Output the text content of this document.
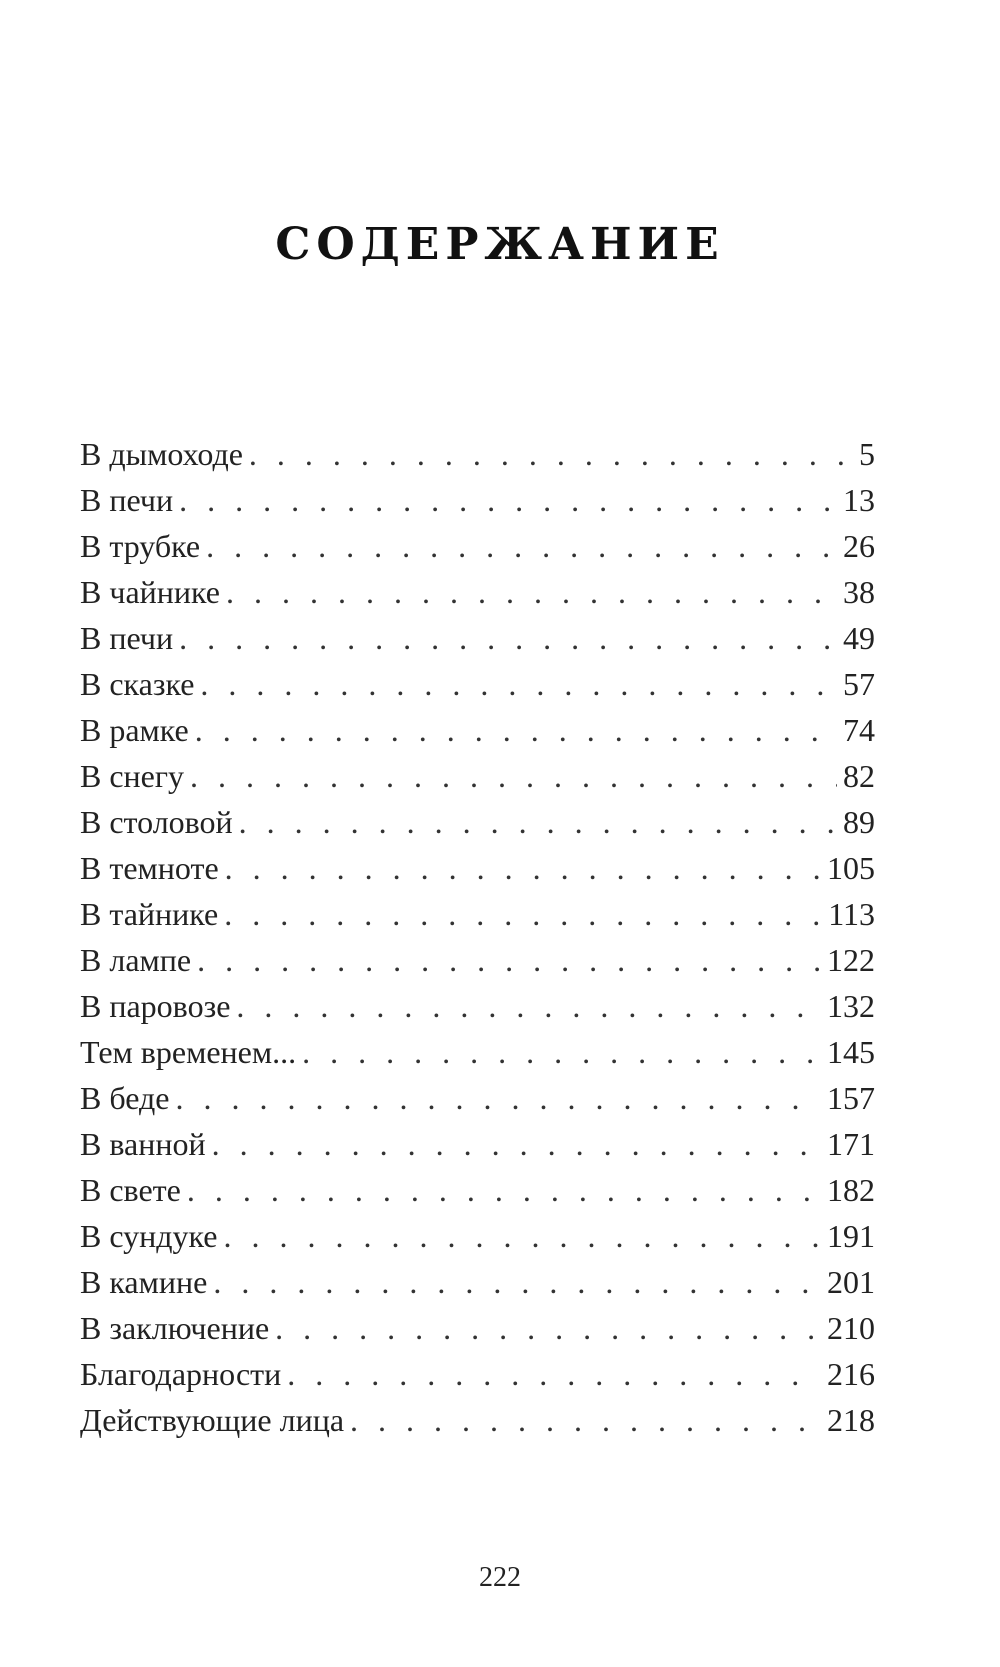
СОДЕРЖАНИЕ
В дымоходе . . .	5
В печи . . .	13
В трубке . . .	26
В чайнике . . .	38
В печи . . .	49
В сказке . . .	57
В рамке . . .	74
В снегу . . .	82
В столовой . . .	89
В темноте . . .	105
В тайнике . . .	113
В лампе . . .	122
В паровозе . . .	132
Тем временем... . . .	145
В беде . . .	157
В ванной . . .	171
В свете . . .	182
В сундуке . . .	191
В камине . . .	201
В заключение . . .	210
Благодарности . . .	216
Действующие лица . . .	218
222
